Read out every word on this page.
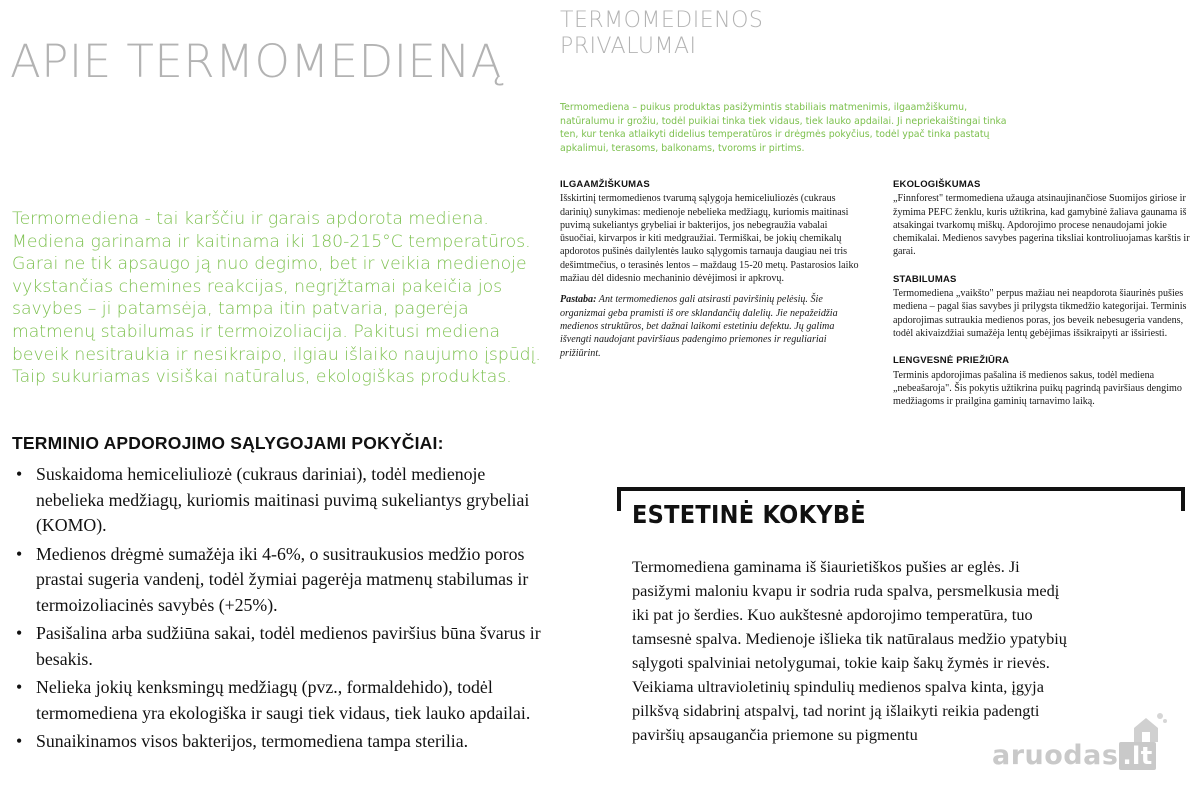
APIE TERMOMEDIENĄ

Termomediena - tai karščiu ir garais apdorota mediena. Mediena garinama ir kaitinama iki 180-215°C temperatūros. Garai ne tik apsaugo ją nuo degimo, bet ir veikia medienoje vykstančias chemines reakcijas, negrįžtamai pakeičia jos savybes – ji patamsėja, tampa itin patvaria, pagerėja matmenų stabilumas ir termoizoliacija. Pakitusi mediena beveik nesitraukia ir nesikraipo, ilgiau išlaiko naujumo įspūdį. Taip sukuriamas visiškai natūralus, ekologiškas produktas.

TERMINIO APDOROJIMO SĄLYGOJAMI POKYČIAI:
• Suskaidoma hemiceliuliozė (cukraus dariniai), todėl medienoje nebelieka medžiagų, kuriomis maitinasi puvimą sukeliantys grybeliai (KOMO).
• Medienos drėgmė sumažėja iki 4-6%, o susitraukusios medžio poros prastai sugeria vandenį, todėl žymiai pagerėja matmenų stabilumas ir termoizoliacinės savybės (+25%).
• Pasišalina arba sudžiūna sakai, todėl medienos paviršius būna švarus ir besakis.
• Nelieka jokių kenksmingų medžiagų (pvz., formaldehido), todėl termomediena yra ekologiška ir saugi tiek vidaus, tiek lauko apdailai.
• Sunaikinamos visos bakterijos, termomediena tampa sterilia.
TERMOMEDIENOS
PRIVALUMAI

Termomediena – puikus produktas pasižymintis stabiliais matmenimis, ilgaamžiškumu, natūralumu ir grožiu, todėl puikiai tinka tiek vidaus, tiek lauko apdailai. Ji nepriekaištingai tinka ten, kur tenka atlaikyti didelius temperatūros ir drėgmės pokyčius, todėl ypač tinka pastatų apkalimui, terasoms, balkonams, tvoroms ir pirtims.

ILGAAMŽIŠKUMAS

Išskirtinį termomedienos tvarumą sąlygoja hemiceliuliozės (cukraus darinių) sunykimas: medienoje nebelieka medžiagų, kuriomis maitinasi puvimą sukeliantys grybeliai ir bakterijos, jos nebegraužia vabalai ūsuočiai, kirvarpos ir kiti medgraužiai. Termiškai, be jokių chemikalų apdorotos pušinės dailylentės lauko sąlygomis tarnauja daugiau nei tris dešimtmečius, o terasinės lentos – maždaug 15-20 metų. Pastarosios laiko mažiau dėl didesnio mechaninio dėvėjimosi ir apkrovų.

Pastaba: Ant termomedienos gali atsirasti paviršinių pelėsių. Šie organizmai geba pramisti iš ore sklandančių dalelių. Jie nepažeidžia medienos struktūros, bet dažnai laikomi estetiniu defektu. Jų galima išvengti naudojant paviršiaus padengimo priemones ir reguliariai prižiūrint.

EKOLOGIŠKUMAS

„Finnforest" termomediena užauga atsinaujinančiose Suomijos giriose ir žymima PEFC ženklu, kuris užtikrina, kad gamybinė žaliava gaunama iš atsakingai tvarkomų miškų. Apdorojimo procese nenaudojami jokie chemikalai. Medienos savybes pagerina tiksliai kontroliuojamas karštis ir garai.

STABILUMAS

Termomediena „vaikšto" perpus mažiau nei neapdorota šiaurinės pušies mediena – pagal šias savybes ji prilygsta tikmedžio kategorijai. Terminis apdorojimas sutraukia medienos poras, jos beveik nebesugeria vandens, todėl akivaizdžiai sumažėja lentų gebėjimas išsikraipyti ar išsiriesti.

LENGVESNĖ PRIEŽIŪRA

Terminis apdorojimas pašalina iš medienos sakus, todėl mediena „nebeašaroja". Šis pokytis užtikrina puikų pagrindą paviršiaus dengimo medžiagoms ir prailgina gaminių tarnavimo laiką.

ESTETINĖ KOKYBĖ

Termomediena gaminama iš šiaurietiškos pušies ar eglės. Ji pasižymi maloniu kvapu ir sodria ruda spalva, persmelkusia medį iki pat jo šerdies. Kuo aukštesnė apdorojimo temperatūra, tuo tamsesnė spalva. Medienoje išlieka tik natūralaus medžio ypatybių sąlygoti spalviniai netolygumai, tokie kaip šakų žymės ir rievės. Veikiama ultravioletinių spindulių medienos spalva kinta, įgyja pilkšvą sidabrinį atspalvį, tad norint ją išlaikyti reikia padengti paviršių apsaugančia priemone su pigmentu

aruodas .lt
